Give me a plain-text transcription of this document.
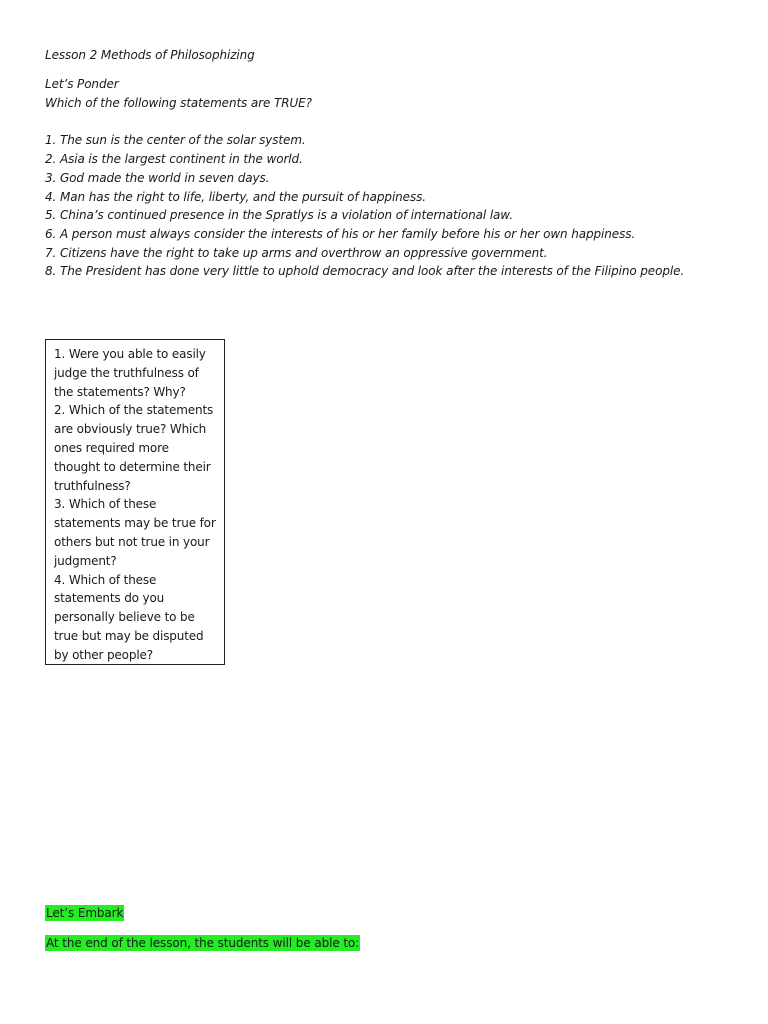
Lesson 2 Methods of Philosophizing
Let’s Ponder
Which of the following statements are TRUE?
1. The sun is the center of the solar system.
2. Asia is the largest continent in the world.
3. God made the world in seven days.
4. Man has the right to life, liberty, and the pursuit of happiness.
5. China’s continued presence in the Spratlys is a violation of international law.
6. A person must always consider the interests of his or her family before his or her own happiness.
7. Citizens have the right to take up arms and overthrow an oppressive government.
8. The President has done very little to uphold democracy and look after the interests of the Filipino people.
1. Were you able to easily judge the truthfulness of the statements? Why?
2. Which of the statements are obviously true? Which ones required more thought to determine their truthfulness?
3. Which of these statements may be true for others but not true in your judgment?
4. Which of these statements do you personally believe to be true but may be disputed by other people?
Let’s Embark
At the end of the lesson, the students will be able to:
